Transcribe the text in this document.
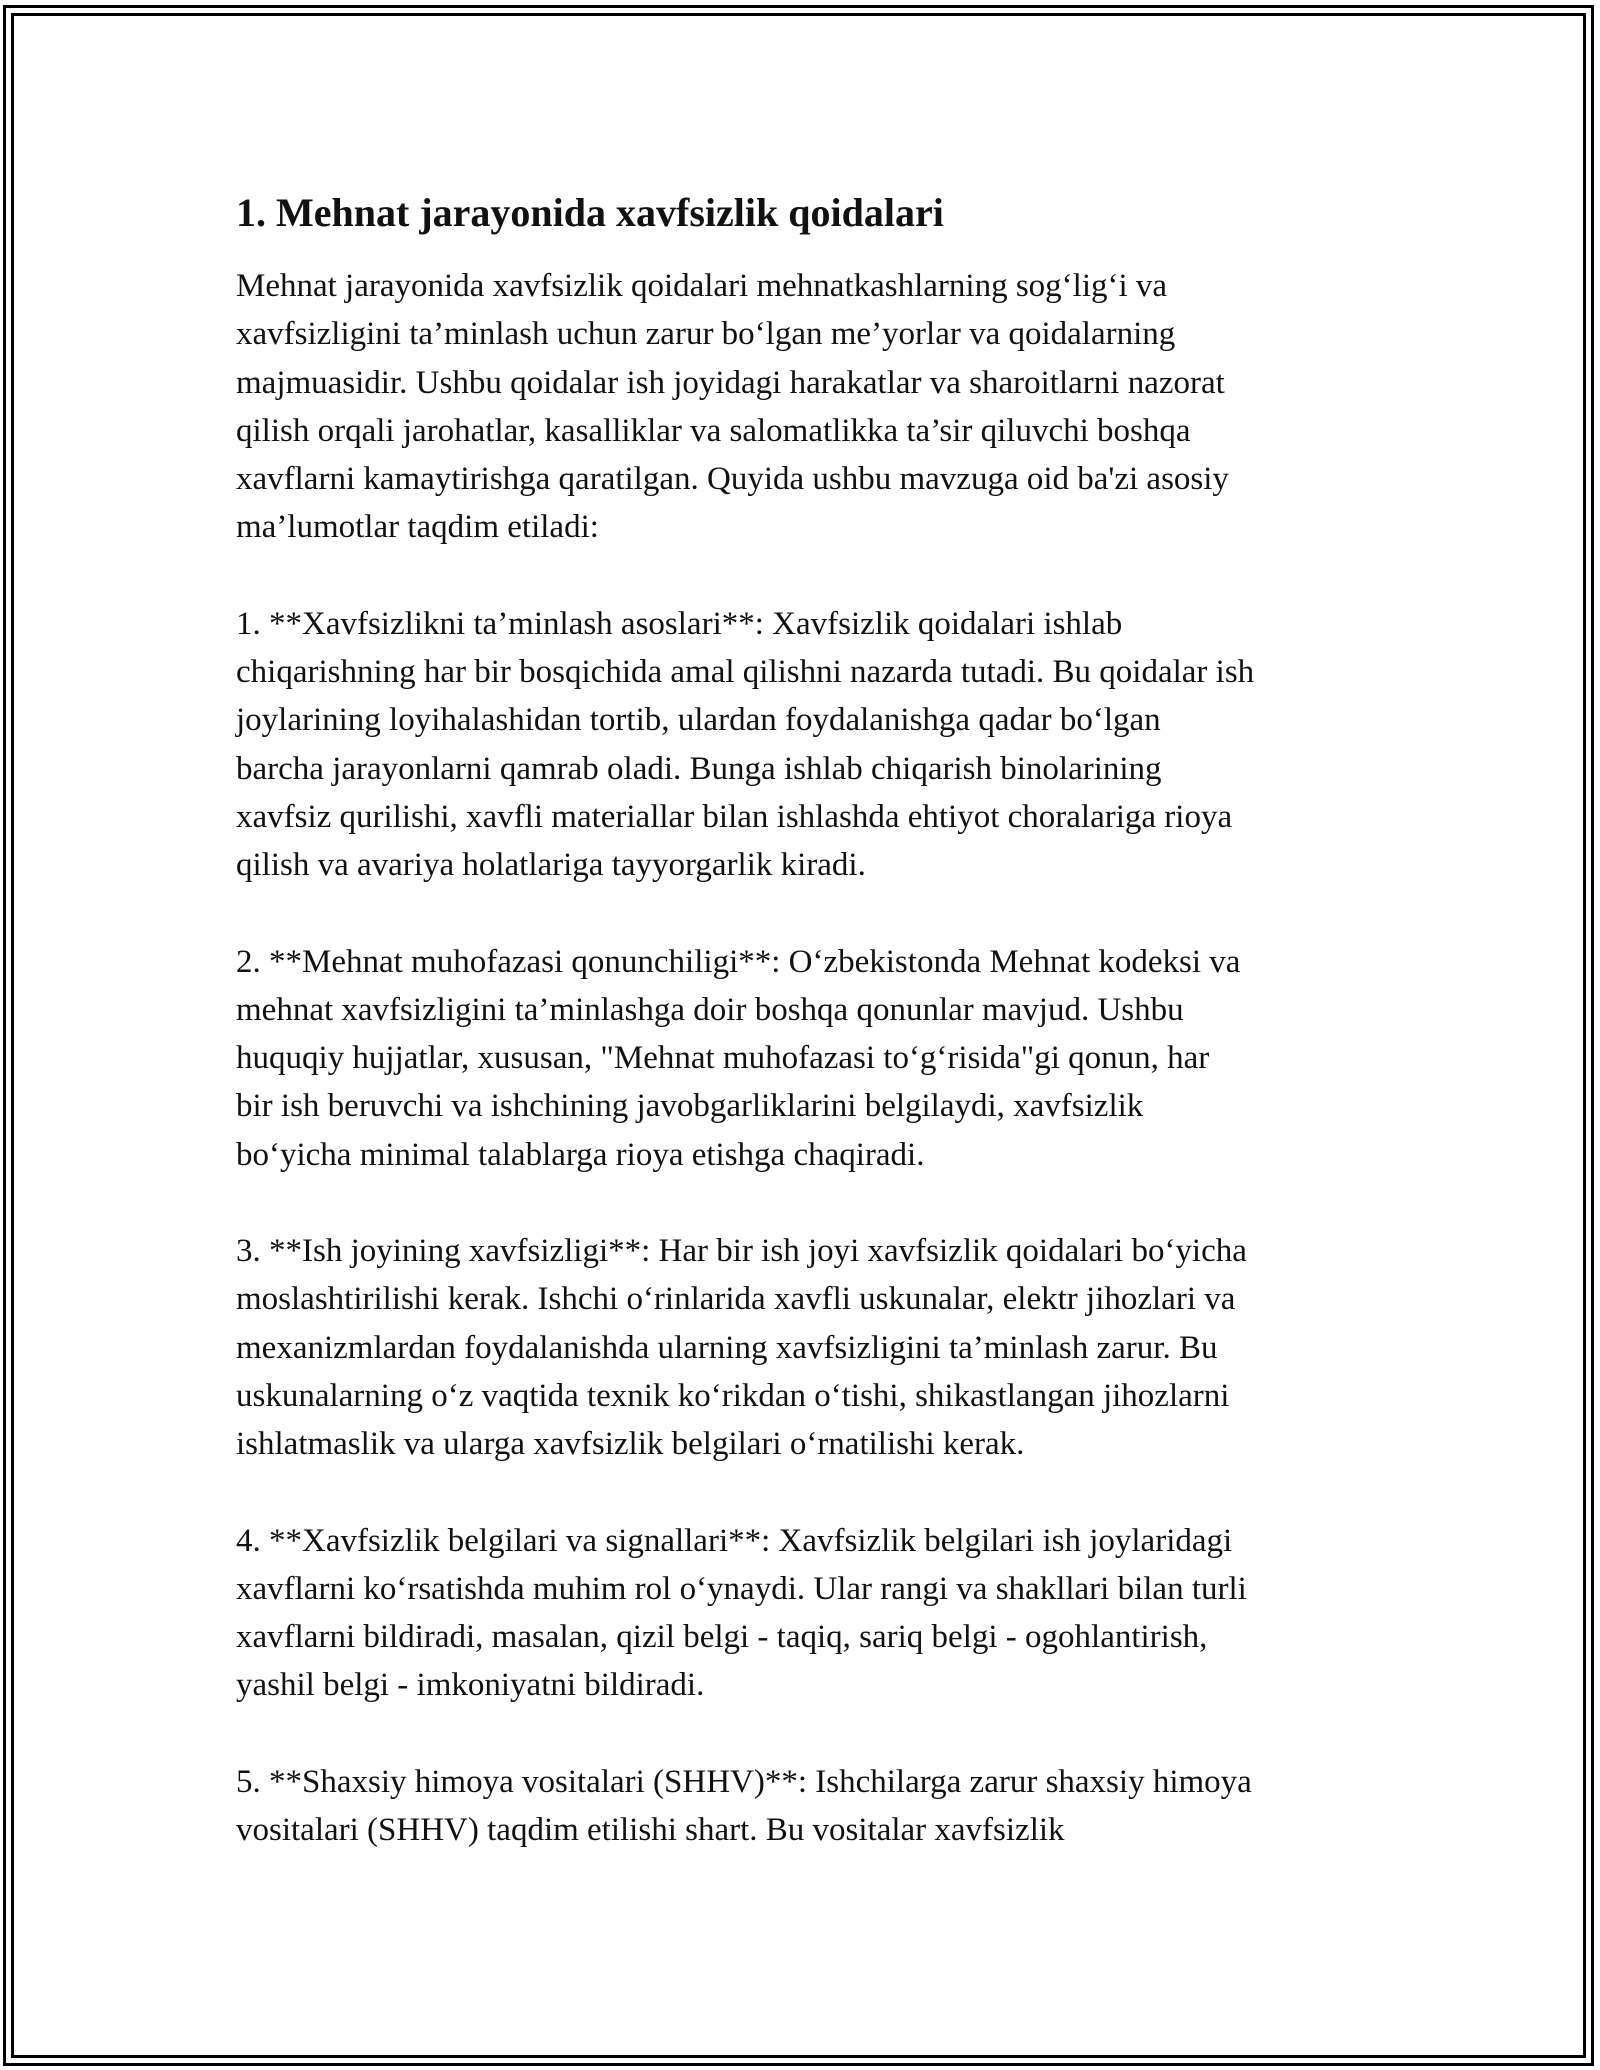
1. Mehnat jarayonida xavfsizlik qoidalari

Mehnat jarayonida xavfsizlik qoidalari mehnatkashlarning sog‘lig‘i va
xavfsizligini ta’minlash uchun zarur bo‘lgan me’yorlar va qoidalarning
majmuasidir. Ushbu qoidalar ish joyidagi harakatlar va sharoitlarni nazorat
qilish orqali jarohatlar, kasalliklar va salomatlikka ta’sir qiluvchi boshqa
xavflarni kamaytirishga qaratilgan. Quyida ushbu mavzuga oid ba'zi asosiy
ma’lumotlar taqdim etiladi:

1. **Xavfsizlikni ta’minlash asoslari**: Xavfsizlik qoidalari ishlab
chiqarishning har bir bosqichida amal qilishni nazarda tutadi. Bu qoidalar ish
joylarining loyihalashidan tortib, ulardan foydalanishga qadar bo‘lgan
barcha jarayonlarni qamrab oladi. Bunga ishlab chiqarish binolarining
xavfsiz qurilishi, xavfli materiallar bilan ishlashda ehtiyot choralariga rioya
qilish va avariya holatlariga tayyorgarlik kiradi.

2. **Mehnat muhofazasi qonunchiligi**: O‘zbekistonda Mehnat kodeksi va
mehnat xavfsizligini ta’minlashga doir boshqa qonunlar mavjud. Ushbu
huquqiy hujjatlar, xususan, "Mehnat muhofazasi to‘g‘risida"gi qonun, har
bir ish beruvchi va ishchining javobgarliklarini belgilaydi, xavfsizlik
bo‘yicha minimal talablarga rioya etishga chaqiradi.

3. **Ish joyining xavfsizligi**: Har bir ish joyi xavfsizlik qoidalari bo‘yicha
moslashtirilishi kerak. Ishchi o‘rinlarida xavfli uskunalar, elektr jihozlari va
mexanizmlardan foydalanishda ularning xavfsizligini ta’minlash zarur. Bu
uskunalarning o‘z vaqtida texnik ko‘rikdan o‘tishi, shikastlangan jihozlarni
ishlatmaslik va ularga xavfsizlik belgilari o‘rnatilishi kerak.

4. **Xavfsizlik belgilari va signallari**: Xavfsizlik belgilari ish joylaridagi
xavflarni ko‘rsatishda muhim rol o‘ynaydi. Ular rangi va shakllari bilan turli
xavflarni bildiradi, masalan, qizil belgi - taqiq, sariq belgi - ogohlantirish,
yashil belgi - imkoniyatni bildiradi.

5. **Shaxsiy himoya vositalari (SHHV)**: Ishchilarga zarur shaxsiy himoya
vositalari (SHHV) taqdim etilishi shart. Bu vositalar xavfsizlik
